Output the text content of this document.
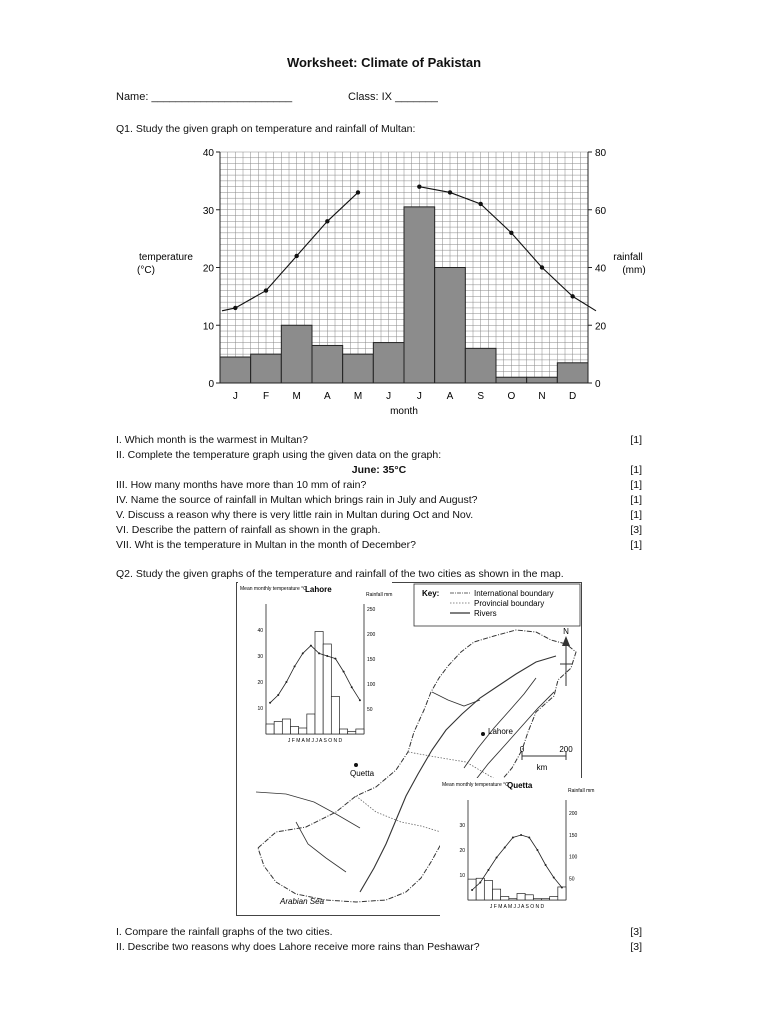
Worksheet: Climate of Pakistan
Name: _______________________	Class: IX _______
Q1. Study the given graph on temperature and rainfall of Multan:
0
10
20
30
40
0
20
40
60
80
J	F M A M J	J A S O N D
month
temperature
(°C)
rainfall
(mm)
I. Which month is the warmest in Multan?	[1]
II. Complete the temperature graph using the given data on the graph:
June: 35°C	[1]
III. How many months have more than 10 mm of rain?	[1]
IV. Name the source of rainfall in Multan which brings rain in July and August?	[1]
V. Discuss a reason why there is very little rain in Multan during Oct and Nov.	[1]
VI. Describe the pattern of rainfall as shown in the graph.	[3]
VII. Wht is the temperature in Multan in the month of December?	[1]
Q2. Study the given graphs of the temperature and rainfall of the two cities as shown in the map.
Key:	International boundary
Provincial boundary
Rivers
N
0	200
km
Lahore
Quetta
Arabian Sea
Lahore
Mean monthly temperature °C
Rainfall mm
10
20
30
40
50
100
150
200
250
J F M A M J J A S O N D
Quetta
Mean monthly temperature °C
Rainfall mm
10
20
30
50
100
150
200
J F M A M J J A S O N D
I. Compare the rainfall graphs of the two cities.	[3]
II. Describe two reasons why does Lahore receive more rains than Peshawar?	[3]
